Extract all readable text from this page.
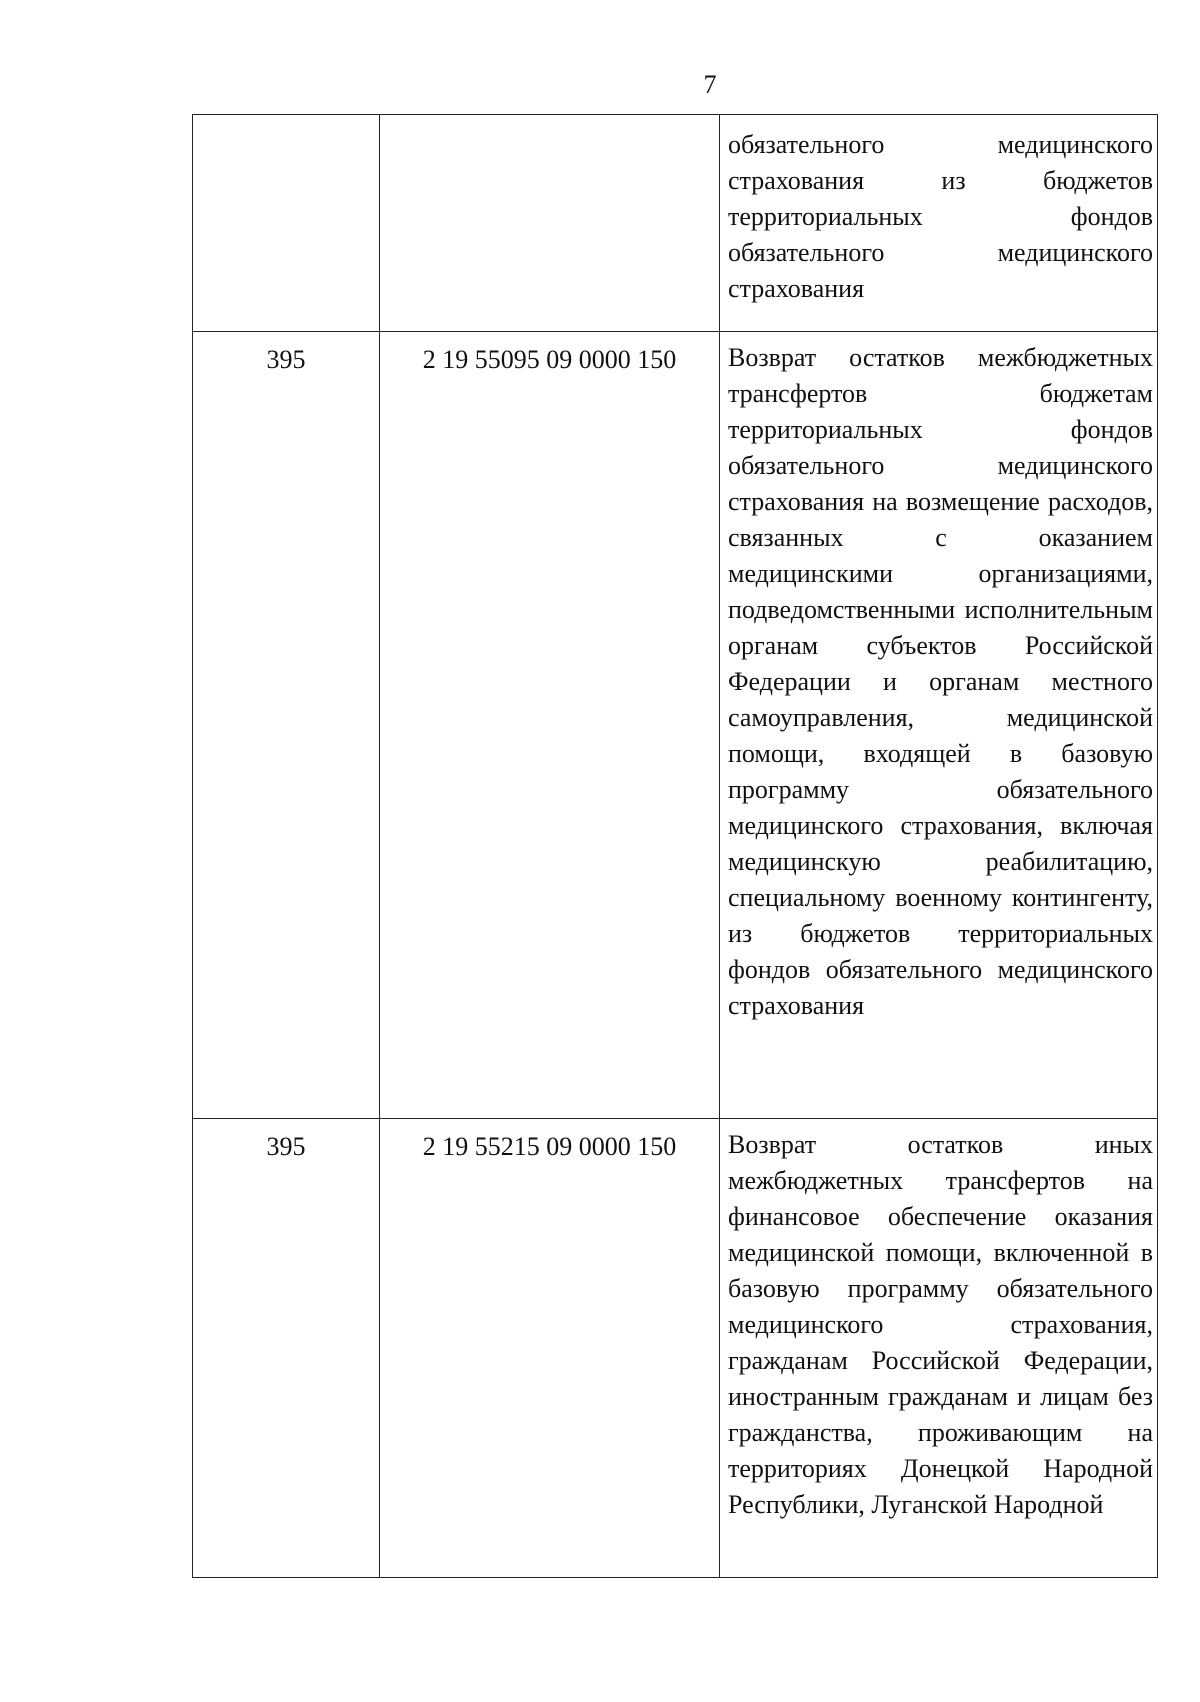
7
		обязательного медицинского страхования из бюджетов территориальных фондов обязательного медицинского страхования
395	2 19 55095 09 0000 150	Возврат остатков межбюджетных трансфертов бюджетам территориальных фондов обязательного медицинского страхования на возмещение расходов, связанных с оказанием медицинскими организациями, подведомственными исполнительным органам субъектов Российской Федерации и органам местного самоуправления, медицинской помощи, входящей в базовую программу обязательного медицинского страхования, включая медицинскую реабилитацию, специальному военному контингенту, из бюджетов территориальных фондов обязательного медицинского страхования
395	2 19 55215 09 0000 150	Возврат остатков иных межбюджетных трансфертов на финансовое обеспечение оказания медицинской помощи, включенной в базовую программу обязательного медицинского страхования, гражданам Российской Федерации, иностранным гражданам и лицам без гражданства, проживающим на территориях Донецкой Народной Республики, Луганской Народной
